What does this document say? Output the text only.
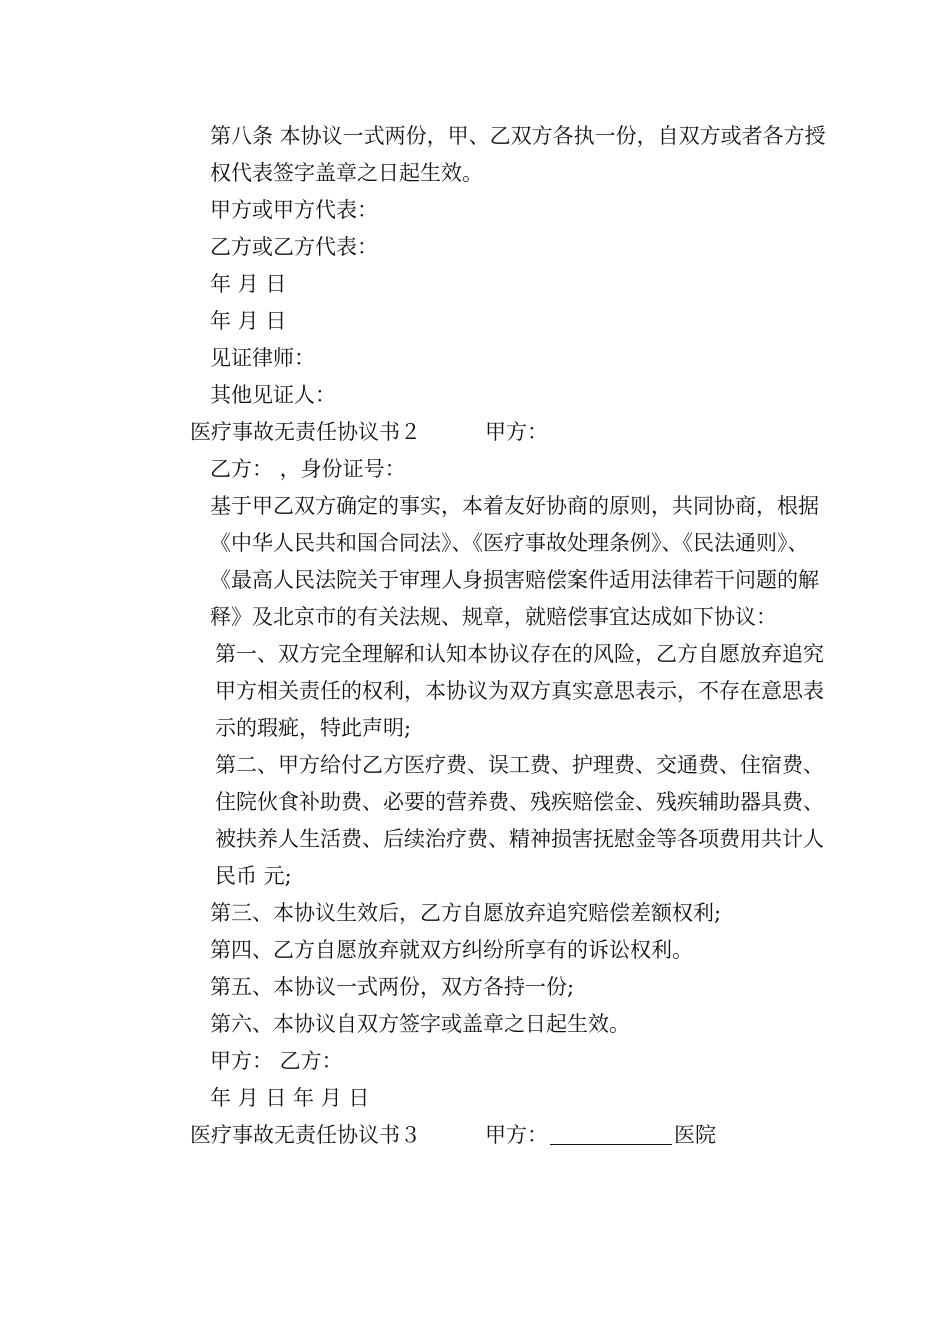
第八条 本协议一式两份，甲、乙双方各执一份，自双方或者各方授权代表签字盖章之日起生效。

甲方或甲方代表：

乙方或乙方代表：

年 月 日

年 月 日

见证律师：

其他见证人：

医疗事故无责任协议书２	甲方：

乙方： ，身份证号：

基于甲乙双方确定的事实，本着友好协商的原则，共同协商，根据《中华人民共和国合同法》、《医疗事故处理条例》、《民法通则》、《最高人民法院关于审理人身损害赔偿案件适用法律若干问题的解释》及北京市的有关法规、规章，就赔偿事宜达成如下协议：

第一、双方完全理解和认知本协议存在的风险，乙方自愿放弃追究甲方相关责任的权利，本协议为双方真实意思表示，不存在意思表示的瑕疵，特此声明;

第二、甲方给付乙方医疗费、误工费、护理费、交通费、住宿费、住院伙食补助费、必要的营养费、残疾赔偿金、残疾辅助器具费、被扶养人生活费、后续治疗费、精神损害抚慰金等各项费用共计人民币 元;

第三、本协议生效后，乙方自愿放弃追究赔偿差额权利;

第四、乙方自愿放弃就双方纠纷所享有的诉讼权利。

第五、本协议一式两份，双方各持一份;

第六、本协议自双方签字或盖章之日起生效。

甲方： 乙方：

年 月 日 年 月 日

医疗事故无责任协议书３	甲方：	医院
